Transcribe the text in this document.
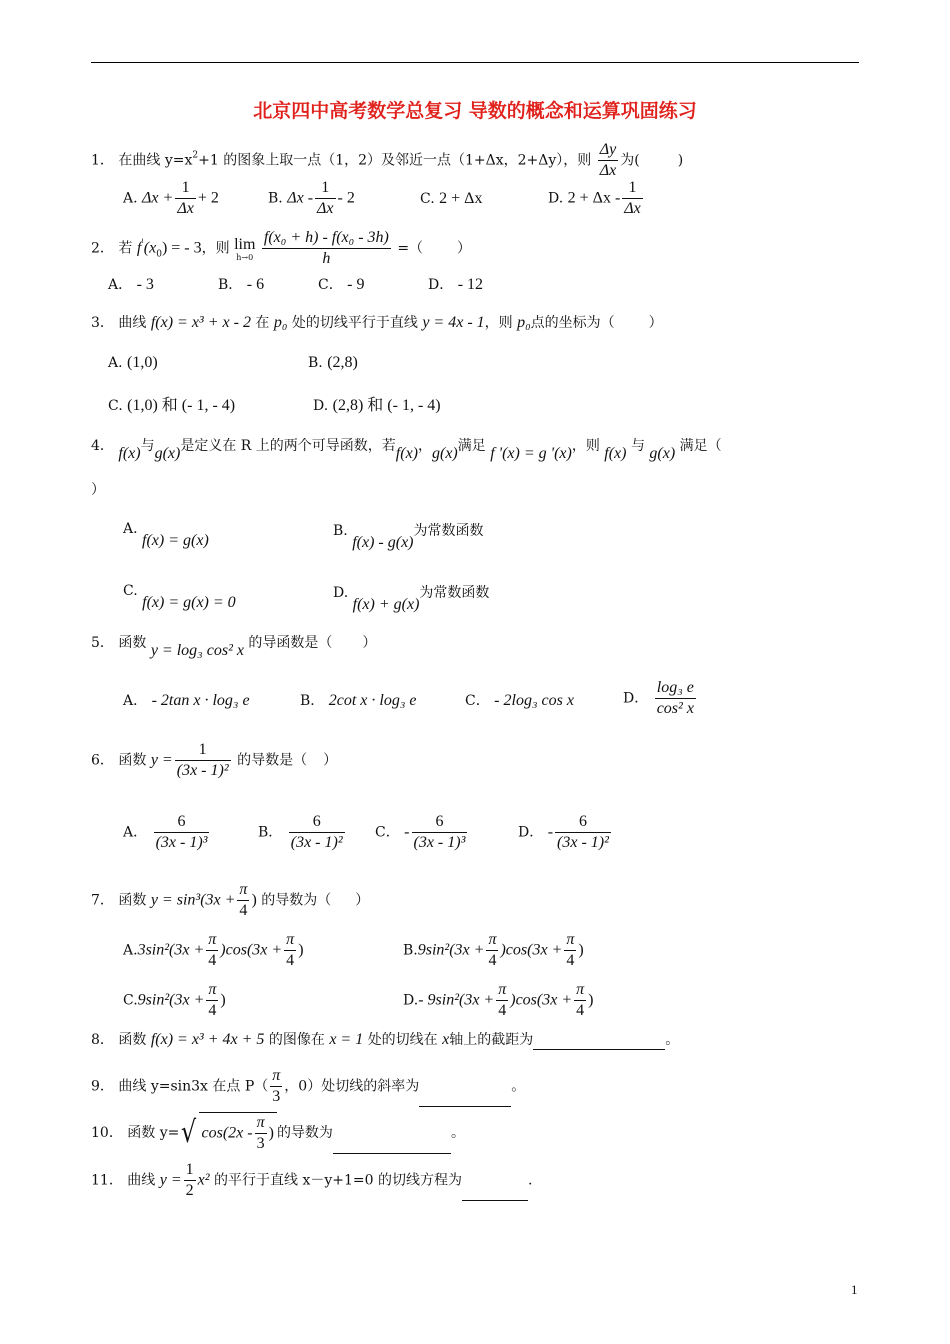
北京四中高考数学总复习 导数的概念和运算巩固练习
1． 在曲线 $y=x^2+1$ 的图象上取一点（1，2）及邻近一点（1+Δx，2+Δy），则 $\frac{\Delta y}{\Delta x}$ 为(	)
A. $\Delta x + \frac{1}{\Delta x} + 2$	B. Δx - $\frac{1}{\Delta x} - 2$	C. 2 + Δx	D. $2 + \Delta x - \frac{1}{\Delta x}$
2． 若 $f'(x_0)$ = - 3，则 lim
h→0
$\frac{\text{f(x₀ + h) - f(x₀ - 3h)}}{h}$ =（ ）
A． - 3	B． - 6	C． - 9	D． - 12
3． 曲线 f(x) = x³ + x - 2 在 p₀ 处的切线平行于直线 y = 4x - 1，则 p₀点的坐标为（ ）
A. (1,0)	B. (2,8)
C. (1,0) 和 (- 1, - 4)	D. (2,8) 和 (- 1, - 4)
4． f(x)与g(x)是定义在 R 上的两个可导函数，若f(x)，g(x)满足 f '(x) = g '(x)，则 f(x) 与 g(x) 满足（
）
A. f(x) = g(x)
B. f(x) - g(x)为常数函数
C. f(x) = g(x) = 0
D. f(x) + g(x)为常数函数
5． 函数 y = log₃ cos² x 的导函数是（ ）
A． - 2tan x · log₃ e	B． 2cot x · log₃ e	C． - 2log₃ cos x	D． $\frac{\text{log₃ e}}{\text{cos² x}}$
6． 函数 $y = \frac{1}{\text{(3x - 1)²}}$ 的导数是（ ）
A． $\frac{6}{\text{(3x - 1)³}}$	B． $\frac{6}{\text{(3x - 1)²}}$ C． - $\frac{6}{\text{(3x - 1)³}}$	D． - $\frac{6}{\text{(3x - 1)²}}$
7． 函数 $y = \sin^3(3x + \frac{\pi}{4}$ ) 的导数为（ ）
$A.3\sin^2(3x + \frac{\pi}{4} )\cos(3x + \frac{\pi}{4}$ )	$B.9\sin^2(3x + \frac{\pi}{4} )\cos(3x + \frac{\pi}{4}$ )
$C.9\sin^2(3x + \frac{\pi}{4}$ )	D.- $9\sin^2(3x + \frac{\pi}{4} )\cos(3x + \frac{\pi}{4}$ )
8． 函数 f(x) = x³ + 4x + 5 的图像在 x = 1 处的切线在 x轴上的截距为	。
9． 曲线 y=sin3x 在点 $P( \frac{\pi}{3}$ ，0）处切线的斜率为	。
10． 函数 y=√ $\cos(2x - \frac{\pi}{3}$ ) 的导数为	。
11． 曲线 $y = \frac{1}{2} x^2$ 的平行于直线 x－y+1=0 的切线方程为	.
1
